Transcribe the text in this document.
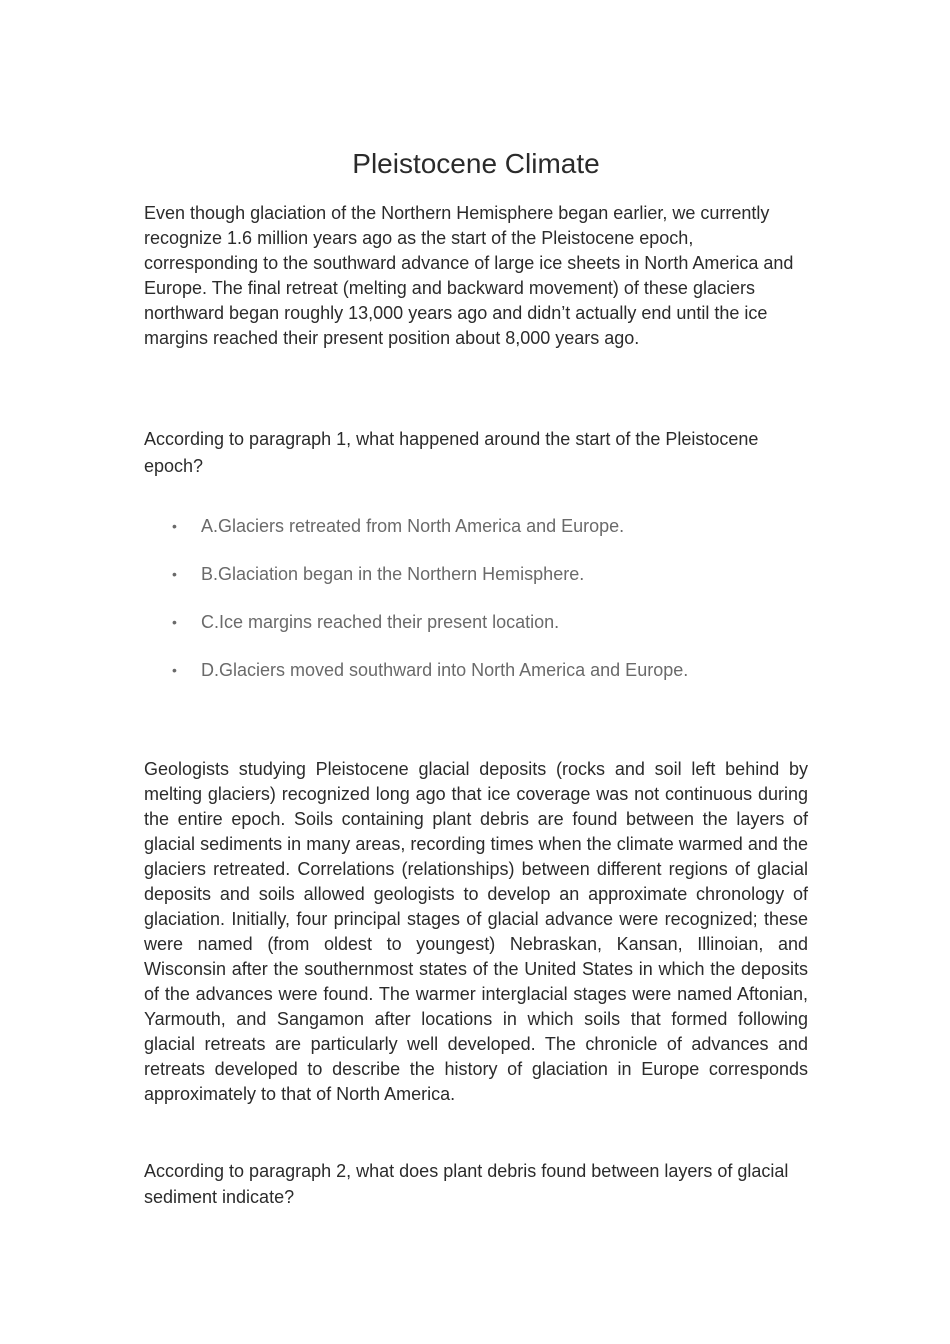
Pleistocene Climate

Even though glaciation of the Northern Hemisphere began earlier, we currently recognize 1.6 million years ago as the start of the Pleistocene epoch, corresponding to the southward advance of large ice sheets in North America and Europe. The final retreat (melting and backward movement) of these glaciers northward began roughly 13,000 years ago and didn’t actually end until the ice margins reached their present position about 8,000 years ago.

According to paragraph 1, what happened around the start of the Pleistocene epoch?

• A.Glaciers retreated from North America and Europe.
• B.Glaciation began in the Northern Hemisphere.
• C.Ice margins reached their present location.
• D.Glaciers moved southward into North America and Europe.

Geologists studying Pleistocene glacial deposits (rocks and soil left behind by melting glaciers) recognized long ago that ice coverage was not continuous during the entire epoch. Soils containing plant debris are found between the layers of glacial sediments in many areas, recording times when the climate warmed and the glaciers retreated. Correlations (relationships) between different regions of glacial deposits and soils allowed geologists to develop an approximate chronology of glaciation. Initially, four principal stages of glacial advance were recognized; these were named (from oldest to youngest) Nebraskan, Kansan, Illinoian, and Wisconsin after the southernmost states of the United States in which the deposits of the advances were found. The warmer interglacial stages were named Aftonian, Yarmouth, and Sangamon after locations in which soils that formed following glacial retreats are particularly well developed. The chronicle of advances and retreats developed to describe the history of glaciation in Europe corresponds approximately to that of North America.

According to paragraph 2, what does plant debris found between layers of glacial sediment indicate?
